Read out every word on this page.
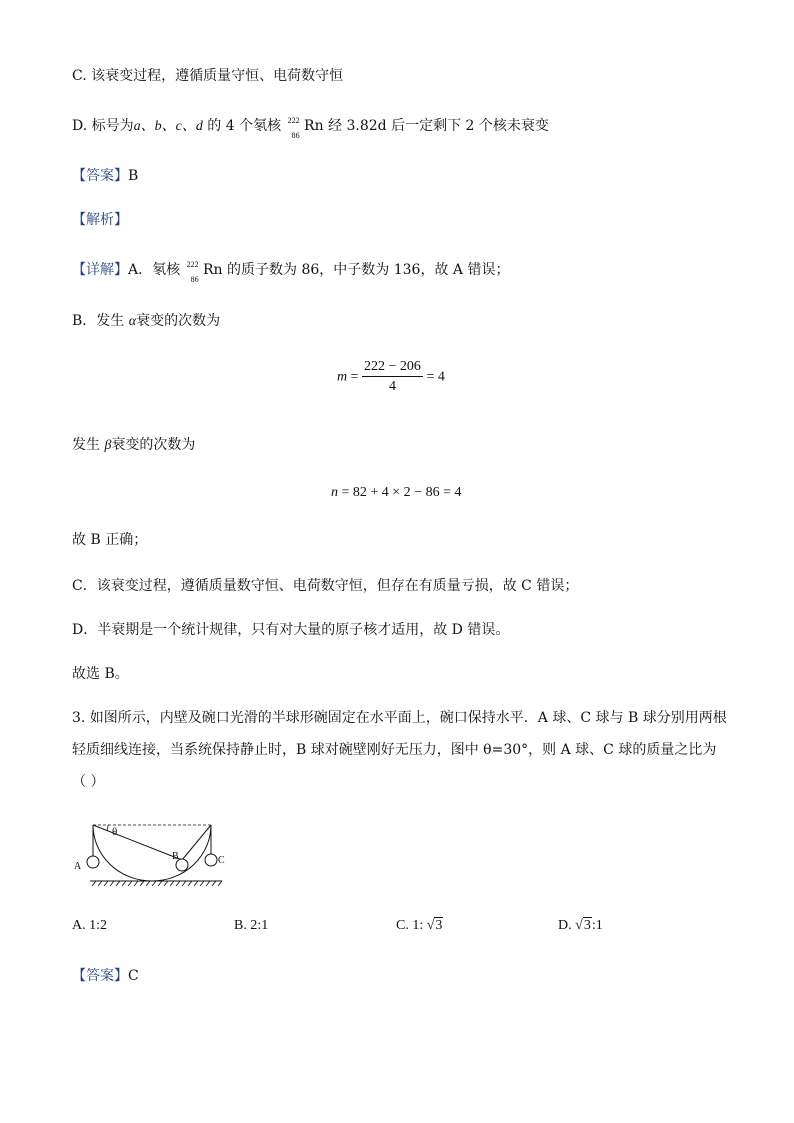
C. 该衰变过程，遵循质量守恒、电荷数守恒
D. 标号为a、b、c、d 的 4 个氡核 222
86
Rn 经 3.82d 后一定剩下 2 个核未衰变
【答案】B
【解析】
【详解】A．氡核 222
86
Rn 的质子数为 86，中子数为 136，故 A 错误；
B．发生 α衰变的次数为
$m = \frac{222 - 206}{4} = 4$
发生 β衰变的次数为
n = 82 + 4 × 2 − 86 = 4
故 B 正确；
C．该衰变过程，遵循质量数守恒、电荷数守恒，但存在有质量亏损，故 C 错误；
D．半衰期是一个统计规律，只有对大量的原子核才适用，故 D 错误。
故选 B。
3. 如图所示，内壁及碗口光滑的半球形碗固定在水平面上，碗口保持水平．A 球、C 球与 B 球分别用两根
轻质细线连接，当系统保持静止时，B 球对碗壁刚好无压力，图中 θ=30°，则 A 球、C 球的质量之比为
（ ）
θ
A
B	C
A. 1:2	B. 2:1	C. 1: √3	D. √3:1
【答案】C
